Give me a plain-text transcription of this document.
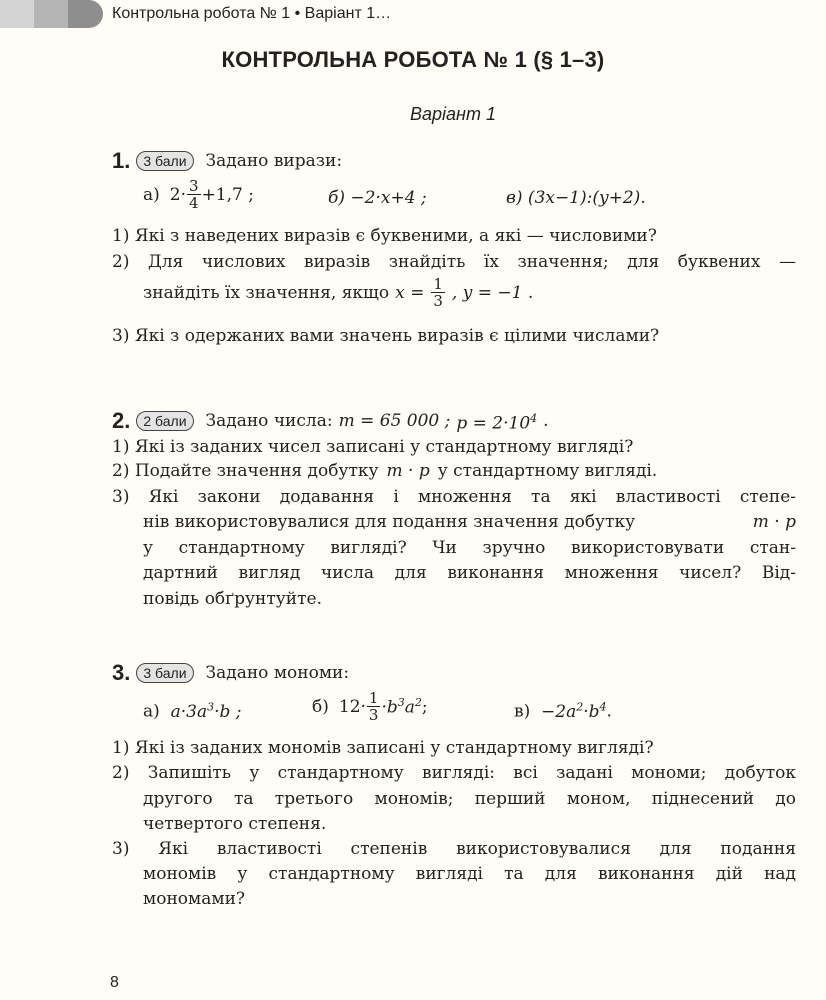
Контрольна робота № 1 • Варіант 1…
КОНТРОЛЬНА РОБОТА № 1 (§ 1–3)
Варіант 1
1. 3 бали	Задано вирази:
а) $2\cdot \frac{3}{4} +1,7$ ;	б) −2·x+4 ;	в) (3x−1):(y+2).
1) Які з наведених виразів є буквеними, а які — числовими?
2) Для числових виразів знайдіть їх значення; для буквених —
знайдіть їх значення, якщо $x = \frac{1}{3}$ , y = −1 .
3) Які з одержаних вами значень виразів є цілими числами?
2. 2 бали	Задано числа: m = 65 000 ; $p = 2\cdot 10^4$ .
1) Які із заданих чисел записані у стандартному вигляді?
2) Подайте значення добутку m · p у стандартному вигляді.
3) Які закони додавання і множення та які властивості степе-
нів використовувалися для подання значення добутку	m · p
у стандартному вигляді? Чи зручно використовувати стан-
дартний вигляд числа для виконання множення чисел? Від-
повідь обґрунтуйте.
3. 3 бали	Задано мономи:
а) $a\cdot 3a^3\cdot b$ ;	б) $12\cdot \frac{1}{3} \cdot b^3a^2$ ;	$в) -2a^2\cdot b^4$.
1) Які із заданих мономів записані у стандартному вигляді?
2) Запишіть у стандартному вигляді: всі задані мономи; добуток
другого та третього мономів; перший моном, піднесений до
четвертого степеня.
3) Які властивості степенів використовувалися для подання
мономів у стандартному вигляді та для виконання дій над
мономами?
8
